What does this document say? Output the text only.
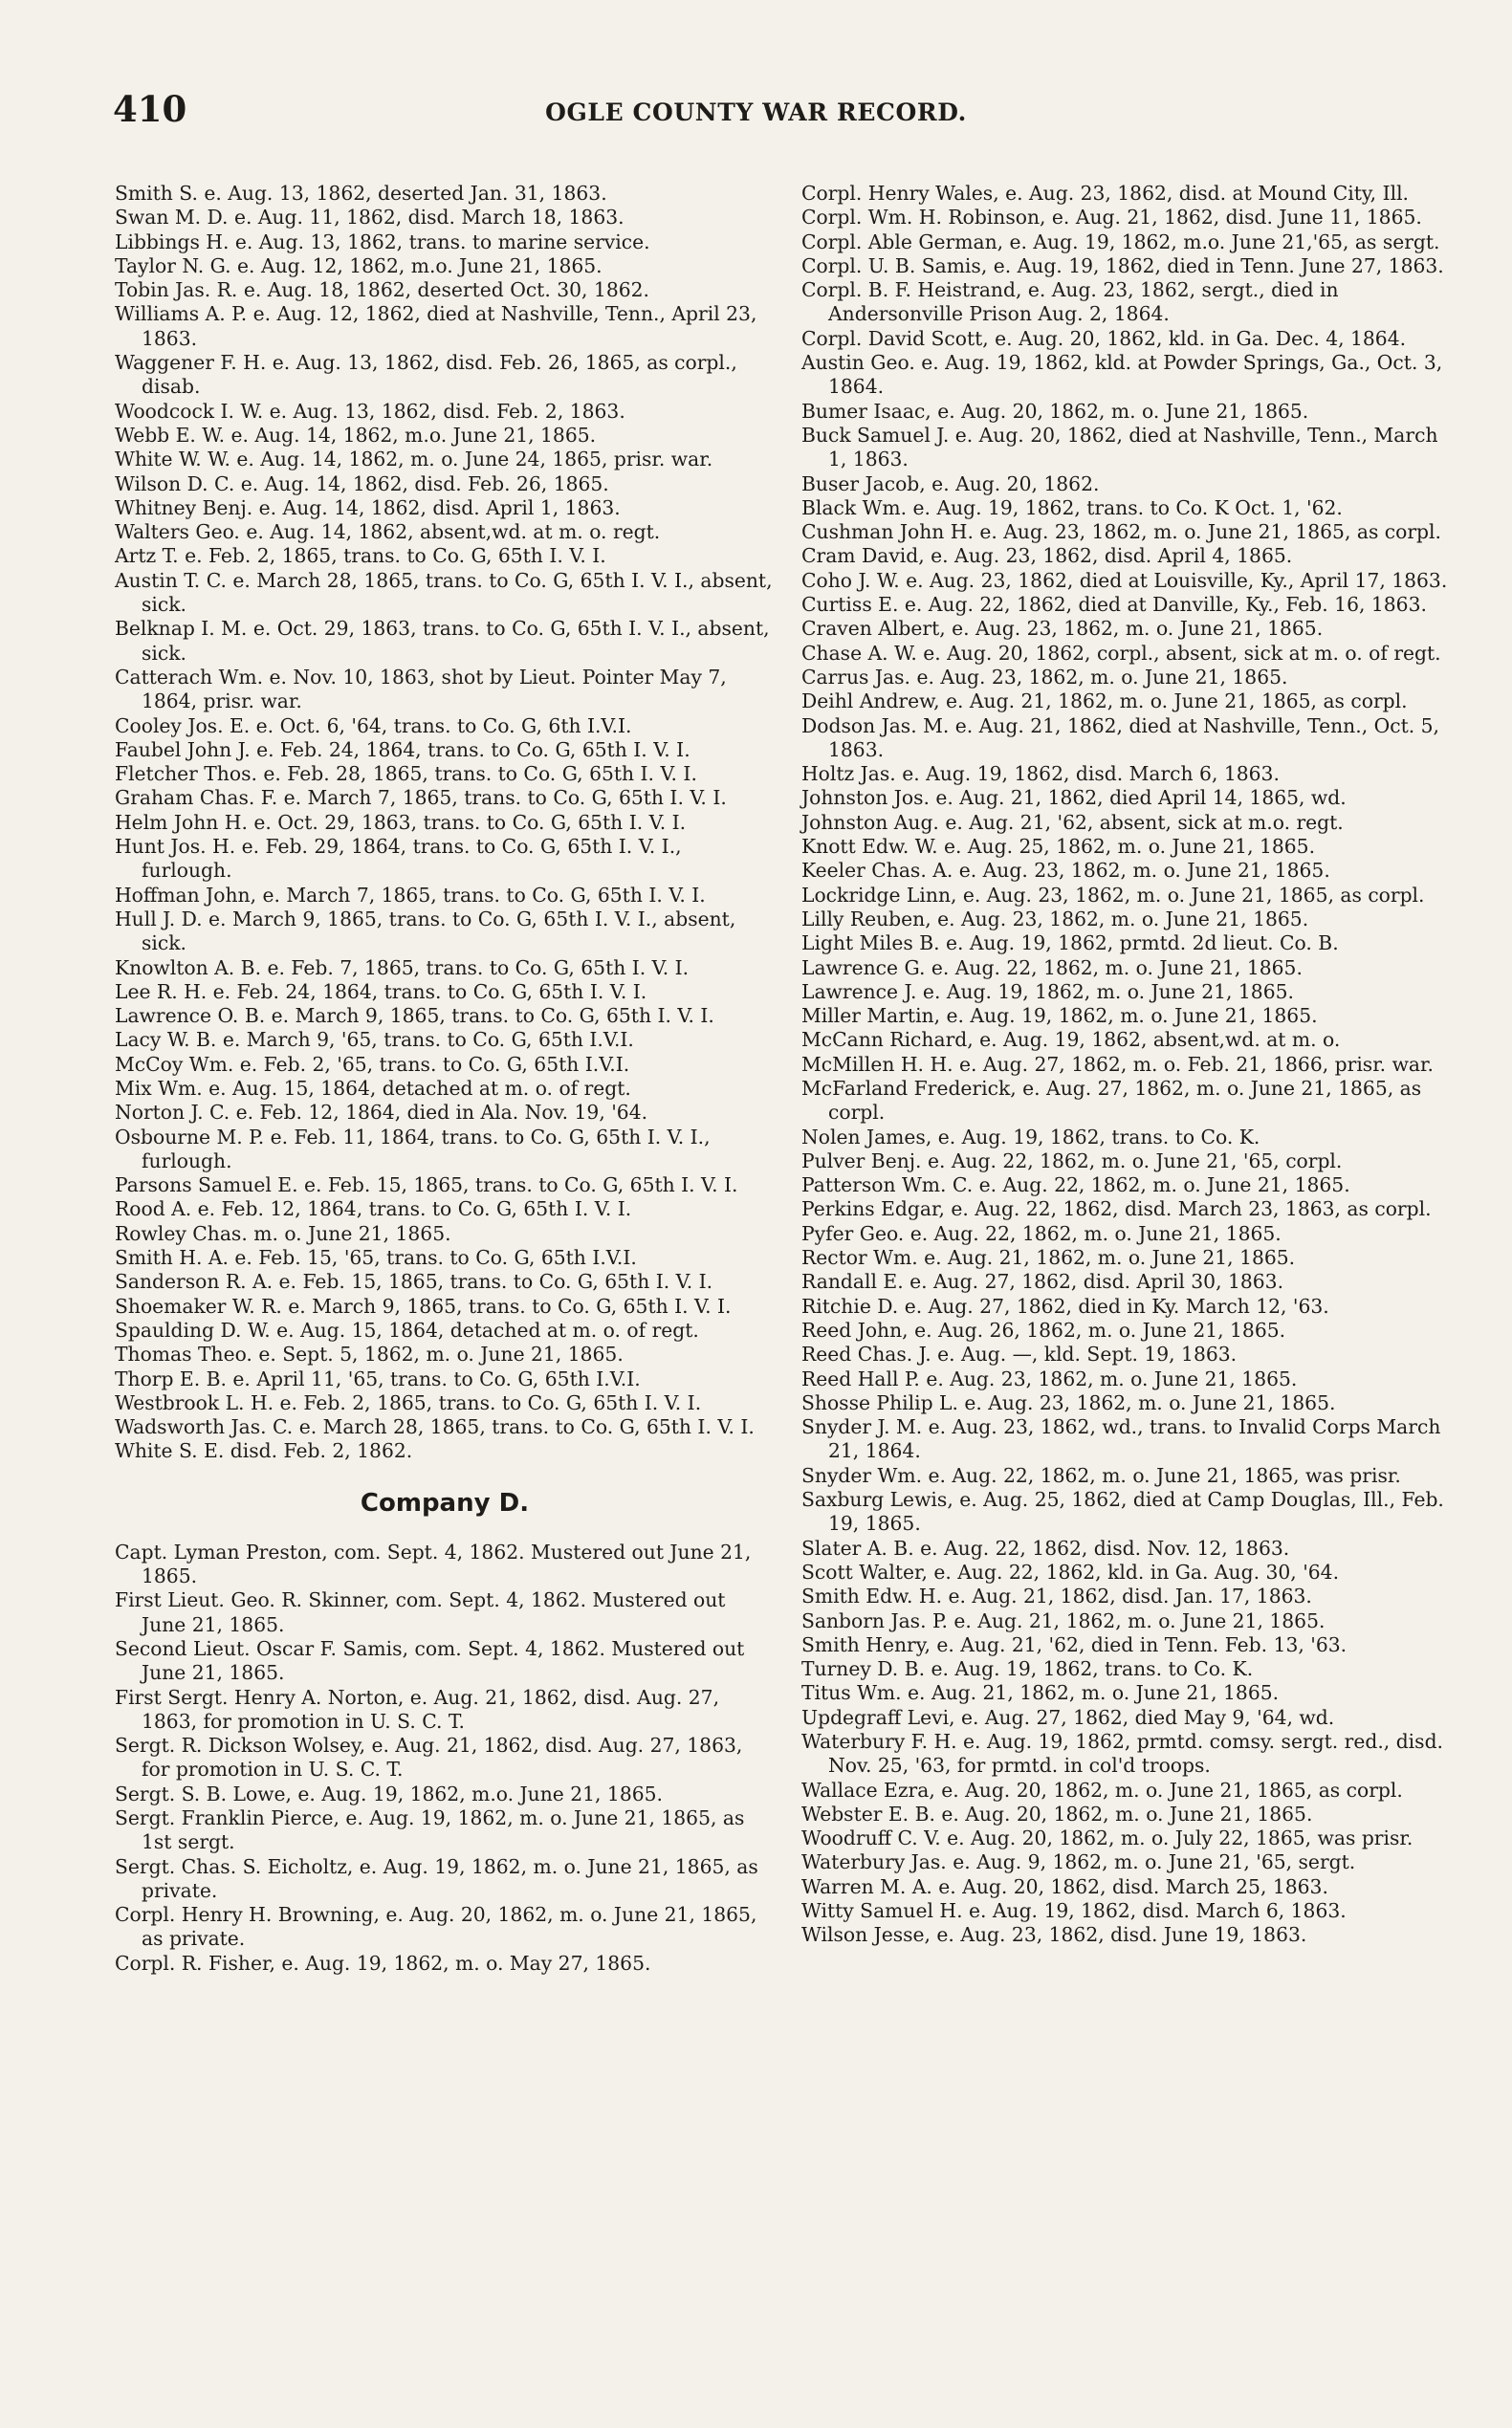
410	OGLE COUNTY WAR RECORD.

Smith S. e. Aug. 13, 1862, deserted Jan. 31, 1863.

Swan M. D. e. Aug. 11, 1862, disd. March 18, 1863.

Libbings H. e. Aug. 13, 1862, trans. to marine service.

Taylor N. G. e. Aug. 12, 1862, m.o. June 21, 1865.

Tobin Jas. R. e. Aug. 18, 1862, deserted Oct. 30, 1862.

Williams A. P. e. Aug. 12, 1862, died at Nashville, Tenn., April 23, 1863.

Waggener F. H. e. Aug. 13, 1862, disd. Feb. 26, 1865, as corpl., disab.

Woodcock I. W. e. Aug. 13, 1862, disd. Feb. 2, 1863.

Webb E. W. e. Aug. 14, 1862, m.o. June 21, 1865.

White W. W. e. Aug. 14, 1862, m. o. June 24, 1865, prisr. war.

Wilson D. C. e. Aug. 14, 1862, disd. Feb. 26, 1865.

Whitney Benj. e. Aug. 14, 1862, disd. April 1, 1863.

Walters Geo. e. Aug. 14, 1862, absent,wd. at m. o. regt.

Artz T. e. Feb. 2, 1865, trans. to Co. G, 65th I. V. I.

Austin T. C. e. March 28, 1865, trans. to Co. G, 65th I. V. I., absent, sick.

Belknap I. M. e. Oct. 29, 1863, trans. to Co. G, 65th I. V. I., absent, sick.

Catterach Wm. e. Nov. 10, 1863, shot by Lieut. Pointer May 7, 1864, prisr. war.

Cooley Jos. E. e. Oct. 6, '64, trans. to Co. G, 6th I.V.I.

Faubel John J. e. Feb. 24, 1864, trans. to Co. G, 65th I. V. I.

Fletcher Thos. e. Feb. 28, 1865, trans. to Co. G, 65th I. V. I.

Graham Chas. F. e. March 7, 1865, trans. to Co. G, 65th I. V. I.

Helm John H. e. Oct. 29, 1863, trans. to Co. G, 65th I. V. I.

Hunt Jos. H. e. Feb. 29, 1864, trans. to Co. G, 65th I. V. I., furlough.

Hoffman John, e. March 7, 1865, trans. to Co. G, 65th I. V. I.

Hull J. D. e. March 9, 1865, trans. to Co. G, 65th I. V. I., absent, sick.

Knowlton A. B. e. Feb. 7, 1865, trans. to Co. G, 65th I. V. I.

Lee R. H. e. Feb. 24, 1864, trans. to Co. G, 65th I. V. I.

Lawrence O. B. e. March 9, 1865, trans. to Co. G, 65th I. V. I.

Lacy W. B. e. March 9, '65, trans. to Co. G, 65th I.V.I.

McCoy Wm. e. Feb. 2, '65, trans. to Co. G, 65th I.V.I.

Mix Wm. e. Aug. 15, 1864, detached at m. o. of regt.

Norton J. C. e. Feb. 12, 1864, died in Ala. Nov. 19, '64.

Osbourne M. P. e. Feb. 11, 1864, trans. to Co. G, 65th I. V. I., furlough.

Parsons Samuel E. e. Feb. 15, 1865, trans. to Co. G, 65th I. V. I.

Rood A. e. Feb. 12, 1864, trans. to Co. G, 65th I. V. I.

Rowley Chas. m. o. June 21, 1865.

Smith H. A. e. Feb. 15, '65, trans. to Co. G, 65th I.V.I.

Sanderson R. A. e. Feb. 15, 1865, trans. to Co. G, 65th I. V. I.

Shoemaker W. R. e. March 9, 1865, trans. to Co. G, 65th I. V. I.

Spaulding D. W. e. Aug. 15, 1864, detached at m. o. of regt.

Thomas Theo. e. Sept. 5, 1862, m. o. June 21, 1865.

Thorp E. B. e. April 11, '65, trans. to Co. G, 65th I.V.I.

Westbrook L. H. e. Feb. 2, 1865, trans. to Co. G, 65th I. V. I.

Wadsworth Jas. C. e. March 28, 1865, trans. to Co. G, 65th I. V. I.

White S. E. disd. Feb. 2, 1862.

Company D.

Capt. Lyman Preston, com. Sept. 4, 1862. Mustered out June 21, 1865.

First Lieut. Geo. R. Skinner, com. Sept. 4, 1862. Mustered out June 21, 1865.

Second Lieut. Oscar F. Samis, com. Sept. 4, 1862. Mustered out June 21, 1865.

First Sergt. Henry A. Norton, e. Aug. 21, 1862, disd. Aug. 27, 1863, for promotion in U. S. C. T.

Sergt. R. Dickson Wolsey, e. Aug. 21, 1862, disd. Aug. 27, 1863, for promotion in U. S. C. T.

Sergt. S. B. Lowe, e. Aug. 19, 1862, m.o. June 21, 1865.

Sergt. Franklin Pierce, e. Aug. 19, 1862, m. o. June 21, 1865, as 1st sergt.

Sergt. Chas. S. Eicholtz, e. Aug. 19, 1862, m. o. June 21, 1865, as private.

Corpl. Henry H. Browning, e. Aug. 20, 1862, m. o. June 21, 1865, as private.

Corpl. R. Fisher, e. Aug. 19, 1862, m. o. May 27, 1865.

Corpl. Henry Wales, e. Aug. 23, 1862, disd. at Mound City, Ill.

Corpl. Wm. H. Robinson, e. Aug. 21, 1862, disd. June 11, 1865.

Corpl. Able German, e. Aug. 19, 1862, m.o. June 21,'65, as sergt.

Corpl. U. B. Samis, e. Aug. 19, 1862, died in Tenn. June 27, 1863.

Corpl. B. F. Heistrand, e. Aug. 23, 1862, sergt., died in Andersonville Prison Aug. 2, 1864.

Corpl. David Scott, e. Aug. 20, 1862, kld. in Ga. Dec. 4, 1864.

Austin Geo. e. Aug. 19, 1862, kld. at Powder Springs, Ga., Oct. 3, 1864.

Bumer Isaac, e. Aug. 20, 1862, m. o. June 21, 1865.

Buck Samuel J. e. Aug. 20, 1862, died at Nashville, Tenn., March 1, 1863.

Buser Jacob, e. Aug. 20, 1862.

Black Wm. e. Aug. 19, 1862, trans. to Co. K Oct. 1, '62.

Cushman John H. e. Aug. 23, 1862, m. o. June 21, 1865, as corpl.

Cram David, e. Aug. 23, 1862, disd. April 4, 1865.

Coho J. W. e. Aug. 23, 1862, died at Louisville, Ky., April 17, 1863.

Curtiss E. e. Aug. 22, 1862, died at Danville, Ky., Feb. 16, 1863.

Craven Albert, e. Aug. 23, 1862, m. o. June 21, 1865.

Chase A. W. e. Aug. 20, 1862, corpl., absent, sick at m. o. of regt.

Carrus Jas. e. Aug. 23, 1862, m. o. June 21, 1865.

Deihl Andrew, e. Aug. 21, 1862, m. o. June 21, 1865, as corpl.

Dodson Jas. M. e. Aug. 21, 1862, died at Nashville, Tenn., Oct. 5, 1863.

Holtz Jas. e. Aug. 19, 1862, disd. March 6, 1863.

Johnston Jos. e. Aug. 21, 1862, died April 14, 1865, wd.

Johnston Aug. e. Aug. 21, '62, absent, sick at m.o. regt.

Knott Edw. W. e. Aug. 25, 1862, m. o. June 21, 1865.

Keeler Chas. A. e. Aug. 23, 1862, m. o. June 21, 1865.

Lockridge Linn, e. Aug. 23, 1862, m. o. June 21, 1865, as corpl.

Lilly Reuben, e. Aug. 23, 1862, m. o. June 21, 1865.

Light Miles B. e. Aug. 19, 1862, prmtd. 2d lieut. Co. B.

Lawrence G. e. Aug. 22, 1862, m. o. June 21, 1865.

Lawrence J. e. Aug. 19, 1862, m. o. June 21, 1865.

Miller Martin, e. Aug. 19, 1862, m. o. June 21, 1865.

McCann Richard, e. Aug. 19, 1862, absent,wd. at m. o.

McMillen H. H. e. Aug. 27, 1862, m. o. Feb. 21, 1866, prisr. war.

McFarland Frederick, e. Aug. 27, 1862, m. o. June 21, 1865, as corpl.

Nolen James, e. Aug. 19, 1862, trans. to Co. K.

Pulver Benj. e. Aug. 22, 1862, m. o. June 21, '65, corpl.

Patterson Wm. C. e. Aug. 22, 1862, m. o. June 21, 1865.

Perkins Edgar, e. Aug. 22, 1862, disd. March 23, 1863, as corpl.

Pyfer Geo. e. Aug. 22, 1862, m. o. June 21, 1865.

Rector Wm. e. Aug. 21, 1862, m. o. June 21, 1865.

Randall E. e. Aug. 27, 1862, disd. April 30, 1863.

Ritchie D. e. Aug. 27, 1862, died in Ky. March 12, '63.

Reed John, e. Aug. 26, 1862, m. o. June 21, 1865.

Reed Chas. J. e. Aug. —, kld. Sept. 19, 1863.

Reed Hall P. e. Aug. 23, 1862, m. o. June 21, 1865.

Shosse Philip L. e. Aug. 23, 1862, m. o. June 21, 1865.

Snyder J. M. e. Aug. 23, 1862, wd., trans. to Invalid Corps March 21, 1864.

Snyder Wm. e. Aug. 22, 1862, m. o. June 21, 1865, was prisr.

Saxburg Lewis, e. Aug. 25, 1862, died at Camp Douglas, Ill., Feb. 19, 1865.

Slater A. B. e. Aug. 22, 1862, disd. Nov. 12, 1863.

Scott Walter, e. Aug. 22, 1862, kld. in Ga. Aug. 30, '64.

Smith Edw. H. e. Aug. 21, 1862, disd. Jan. 17, 1863.

Sanborn Jas. P. e. Aug. 21, 1862, m. o. June 21, 1865.

Smith Henry, e. Aug. 21, '62, died in Tenn. Feb. 13, '63.

Turney D. B. e. Aug. 19, 1862, trans. to Co. K.

Titus Wm. e. Aug. 21, 1862, m. o. June 21, 1865.

Updegraff Levi, e. Aug. 27, 1862, died May 9, '64, wd.

Waterbury F. H. e. Aug. 19, 1862, prmtd. comsy. sergt. red., disd. Nov. 25, '63, for prmtd. in col'd troops.

Wallace Ezra, e. Aug. 20, 1862, m. o. June 21, 1865, as corpl.

Webster E. B. e. Aug. 20, 1862, m. o. June 21, 1865.

Woodruff C. V. e. Aug. 20, 1862, m. o. July 22, 1865, was prisr.

Waterbury Jas. e. Aug. 9, 1862, m. o. June 21, '65, sergt.

Warren M. A. e. Aug. 20, 1862, disd. March 25, 1863.

Witty Samuel H. e. Aug. 19, 1862, disd. March 6, 1863.

Wilson Jesse, e. Aug. 23, 1862, disd. June 19, 1863.
